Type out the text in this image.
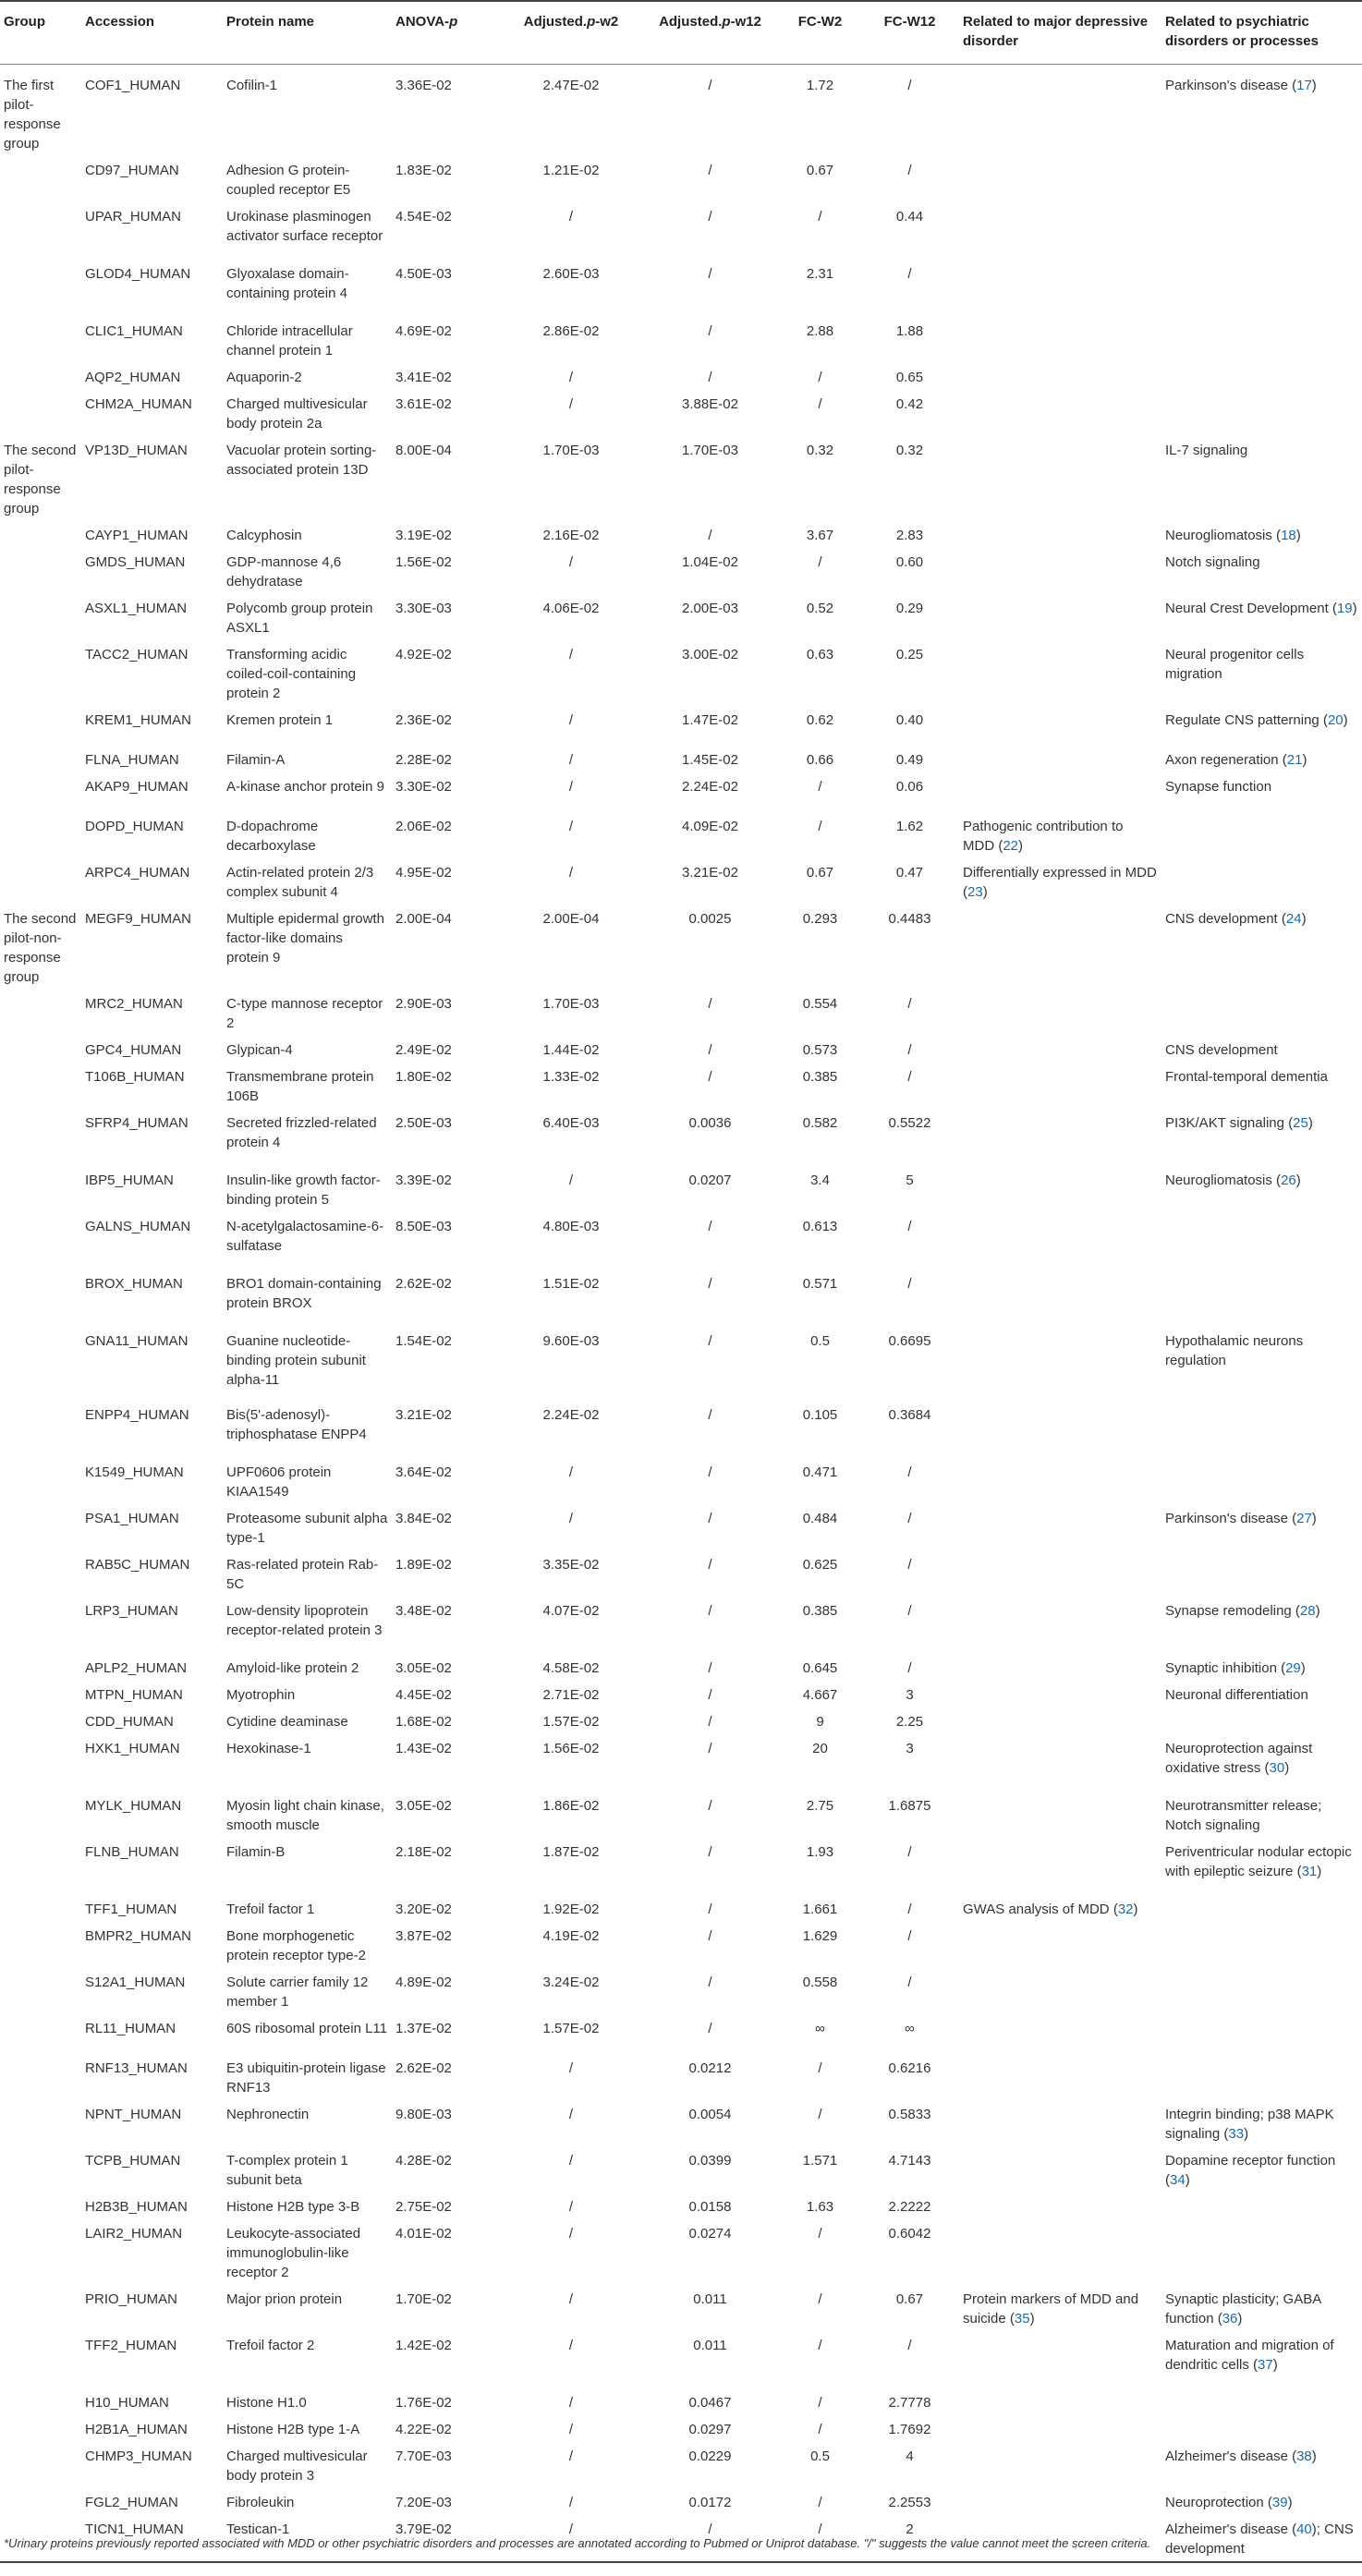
Group	Accession	Protein name	ANOVA-p	Adjusted.p-w2	Adjusted.p-w12	FC-W2	FC-W12	Related to major depressive disorder	Related to psychiatric disorders or processes
The first pilot-response group	COF1_HUMAN	Cofilin-1	3.36E-02	2.47E-02	/	1.72	/		Parkinson's disease (17)
	CD97_HUMAN	Adhesion G protein-coupled receptor E5	1.83E-02	1.21E-02	/	0.67	/		
	UPAR_HUMAN	Urokinase plasminogen activator surface receptor	4.54E-02	/	/	/	0.44		
	GLOD4_HUMAN	Glyoxalase domain-containing protein 4	4.50E-03	2.60E-03	/	2.31	/		
	CLIC1_HUMAN	Chloride intracellular channel protein 1	4.69E-02	2.86E-02	/	2.88	1.88		
	AQP2_HUMAN	Aquaporin-2	3.41E-02	/	/	/	0.65		
	CHM2A_HUMAN	Charged multivesicular body protein 2a	3.61E-02	/	3.88E-02	/	0.42		
The second pilot-response group	VP13D_HUMAN	Vacuolar protein sorting-associated protein 13D	8.00E-04	1.70E-03	1.70E-03	0.32	0.32		IL-7 signaling
	CAYP1_HUMAN	Calcyphosin	3.19E-02	2.16E-02	/	3.67	2.83		Neurogliomatosis (18)
	GMDS_HUMAN	GDP-mannose 4,6 dehydratase	1.56E-02	/	1.04E-02	/	0.60		Notch signaling
	ASXL1_HUMAN	Polycomb group protein ASXL1	3.30E-03	4.06E-02	2.00E-03	0.52	0.29		Neural Crest Development (19)
	TACC2_HUMAN	Transforming acidic coiled-coil-containing protein 2	4.92E-02	/	3.00E-02	0.63	0.25		Neural progenitor cells migration
	KREM1_HUMAN	Kremen protein 1	2.36E-02	/	1.47E-02	0.62	0.40		Regulate CNS patterning (20)
	FLNA_HUMAN	Filamin-A	2.28E-02	/	1.45E-02	0.66	0.49		Axon regeneration (21)
	AKAP9_HUMAN	A-kinase anchor protein 9	3.30E-02	/	2.24E-02	/	0.06		Synapse function
	DOPD_HUMAN	D-dopachrome decarboxylase	2.06E-02	/	4.09E-02	/	1.62	Pathogenic contribution to MDD (22)	
	ARPC4_HUMAN	Actin-related protein 2/3 complex subunit 4	4.95E-02	/	3.21E-02	0.67	0.47	Differentially expressed in MDD (23)	
The second pilot-non-response group	MEGF9_HUMAN	Multiple epidermal growth factor-like domains protein 9	2.00E-04	2.00E-04	0.0025	0.293	0.4483		CNS development (24)
	MRC2_HUMAN	C-type mannose receptor 2	2.90E-03	1.70E-03	/	0.554	/		
	GPC4_HUMAN	Glypican-4	2.49E-02	1.44E-02	/	0.573	/		CNS development
	T106B_HUMAN	Transmembrane protein 106B	1.80E-02	1.33E-02	/	0.385	/		Frontal-temporal dementia
	SFRP4_HUMAN	Secreted frizzled-related protein 4	2.50E-03	6.40E-03	0.0036	0.582	0.5522		PI3K/AKT signaling (25)
	IBP5_HUMAN	Insulin-like growth factor-binding protein 5	3.39E-02	/	0.0207	3.4	5		Neurogliomatosis (26)
	GALNS_HUMAN	N-acetylgalactosamine-6-sulfatase	8.50E-03	4.80E-03	/	0.613	/		
	BROX_HUMAN	BRO1 domain-containing protein BROX	2.62E-02	1.51E-02	/	0.571	/		
	GNA11_HUMAN	Guanine nucleotide-binding protein subunit alpha-11	1.54E-02	9.60E-03	/	0.5	0.6695		Hypothalamic neurons regulation
	ENPP4_HUMAN	Bis(5'-adenosyl)-triphosphatase ENPP4	3.21E-02	2.24E-02	/	0.105	0.3684		
	K1549_HUMAN	UPF0606 protein KIAA1549	3.64E-02	/	/	0.471	/		
	PSA1_HUMAN	Proteasome subunit alpha type-1	3.84E-02	/	/	0.484	/		Parkinson's disease (27)
	RAB5C_HUMAN	Ras-related protein Rab-5C	1.89E-02	3.35E-02	/	0.625	/		
	LRP3_HUMAN	Low-density lipoprotein receptor-related protein 3	3.48E-02	4.07E-02	/	0.385	/		Synapse remodeling (28)
	APLP2_HUMAN	Amyloid-like protein 2	3.05E-02	4.58E-02	/	0.645	/		Synaptic inhibition (29)
	MTPN_HUMAN	Myotrophin	4.45E-02	2.71E-02	/	4.667	3		Neuronal differentiation
	CDD_HUMAN	Cytidine deaminase	1.68E-02	1.57E-02	/	9	2.25		
	HXK1_HUMAN	Hexokinase-1	1.43E-02	1.56E-02	/	20	3		Neuroprotection against oxidative stress (30)
	MYLK_HUMAN	Myosin light chain kinase, smooth muscle	3.05E-02	1.86E-02	/	2.75	1.6875		Neurotransmitter release; Notch signaling
	FLNB_HUMAN	Filamin-B	2.18E-02	1.87E-02	/	1.93	/		Periventricular nodular ectopic with epileptic seizure (31)
	TFF1_HUMAN	Trefoil factor 1	3.20E-02	1.92E-02	/	1.661	/	GWAS analysis of MDD (32)	
	BMPR2_HUMAN	Bone morphogenetic protein receptor type-2	3.87E-02	4.19E-02	/	1.629	/		
	S12A1_HUMAN	Solute carrier family 12 member 1	4.89E-02	3.24E-02	/	0.558	/		
	RL11_HUMAN	60S ribosomal protein L11	1.37E-02	1.57E-02	/	∞	∞		
	RNF13_HUMAN	E3 ubiquitin-protein ligase RNF13	2.62E-02	/	0.0212	/	0.6216		
	NPNT_HUMAN	Nephronectin	9.80E-03	/	0.0054	/	0.5833		Integrin binding; p38 MAPK signaling (33)
	TCPB_HUMAN	T-complex protein 1 subunit beta	4.28E-02	/	0.0399	1.571	4.7143		Dopamine receptor function (34)
	H2B3B_HUMAN	Histone H2B type 3-B	2.75E-02	/	0.0158	1.63	2.2222		
	LAIR2_HUMAN	Leukocyte-associated immunoglobulin-like receptor 2	4.01E-02	/	0.0274	/	0.6042		
	PRIO_HUMAN	Major prion protein	1.70E-02	/	0.011	/	0.67	Protein markers of MDD and suicide (35)	Synaptic plasticity; GABA function (36)
	TFF2_HUMAN	Trefoil factor 2	1.42E-02	/	0.011	/	/		Maturation and migration of dendritic cells (37)
	H10_HUMAN	Histone H1.0	1.76E-02	/	0.0467	/	2.7778		
	H2B1A_HUMAN	Histone H2B type 1-A	4.22E-02	/	0.0297	/	1.7692		
	CHMP3_HUMAN	Charged multivesicular body protein 3	7.70E-03	/	0.0229	0.5	4		Alzheimer's disease (38)
	FGL2_HUMAN	Fibroleukin	7.20E-03	/	0.0172	/	2.2553		Neuroprotection (39)
	TICN1_HUMAN	Testican-1	3.79E-02	/	/	/	2		Alzheimer's disease (40); CNS development
*Urinary proteins previously reported associated with MDD or other psychiatric disorders and processes are annotated according to Pubmed or Uniprot database. "/" suggests the value cannot meet the screen criteria.
